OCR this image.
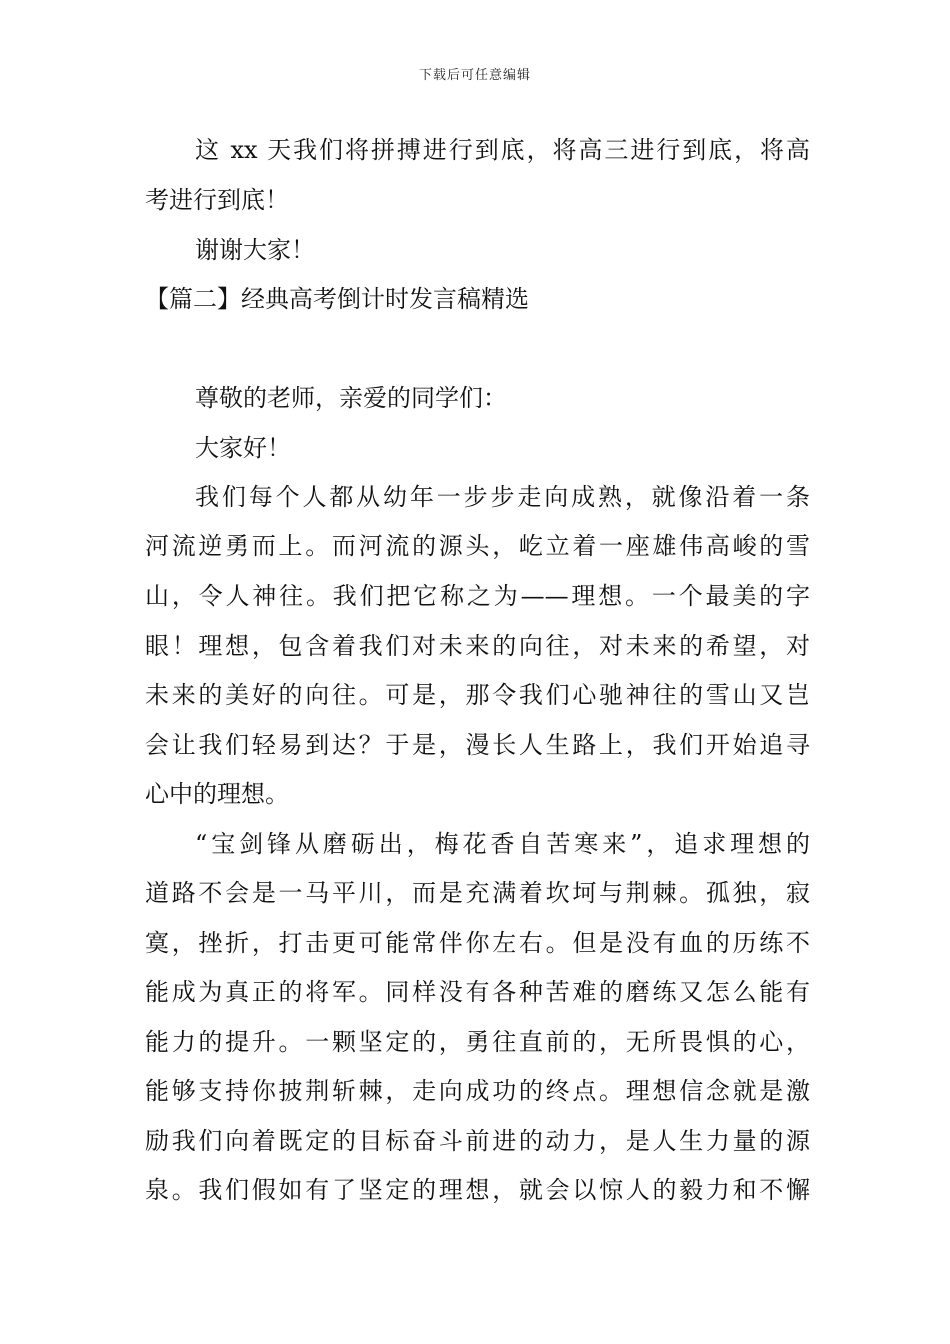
下载后可任意编辑
这 xx 天我们将拼搏进行到底，将高三进行到底，将高
考进行到底！
谢谢大家！
【篇二】经典高考倒计时发言稿精选
尊敬的老师，亲爱的同学们：
大家好！
我们每个人都从幼年一步步走向成熟，就像沿着一条
河流逆勇而上。而河流的源头，屹立着一座雄伟高峻的雪
山，令人神往。我们把它称之为——理想。一个最美的字
眼！理想，包含着我们对未来的向往，对未来的希望，对
未来的美好的向往。可是，那令我们心驰神往的雪山又岂
会让我们轻易到达？于是，漫长人生路上，我们开始追寻
心中的理想。
“宝剑锋从磨砺出，梅花香自苦寒来”，追求理想的
道路不会是一马平川，而是充满着坎坷与荆棘。孤独，寂
寞，挫折，打击更可能常伴你左右。但是没有血的历练不
能成为真正的将军。同样没有各种苦难的磨练又怎么能有
能力的提升。一颗坚定的，勇往直前的，无所畏惧的心，
能够支持你披荆斩棘，走向成功的终点。理想信念就是激
励我们向着既定的目标奋斗前进的动力，是人生力量的源
泉。我们假如有了坚定的理想，就会以惊人的毅力和不懈
